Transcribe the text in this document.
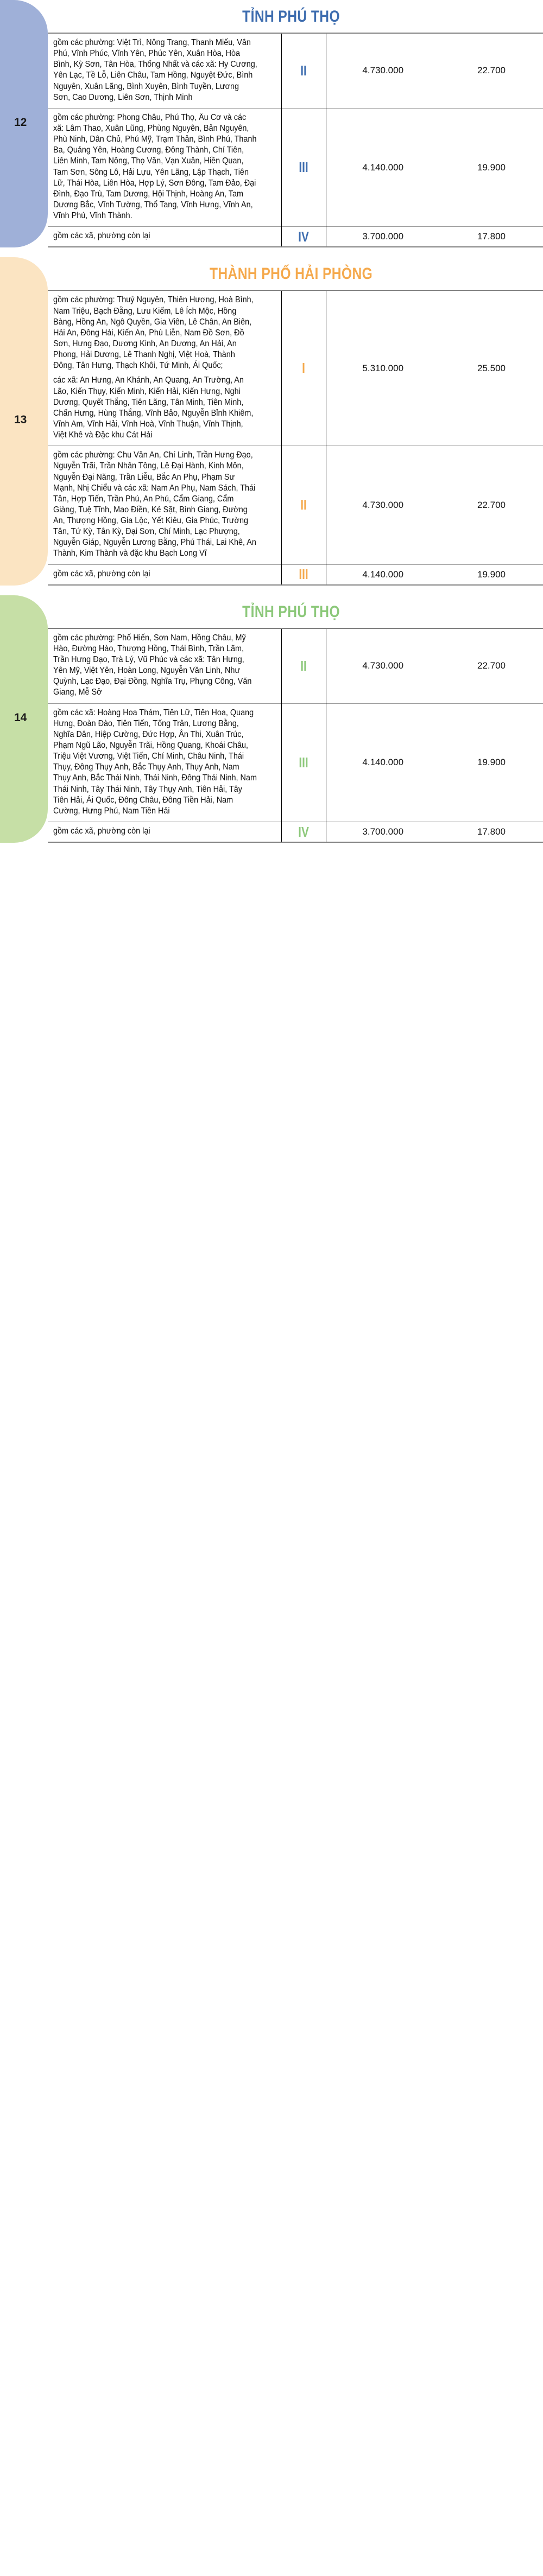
TỈNH PHÚ THỌ
gồm các phường: Việt Trì, Nông Trang, Thanh Miếu, Vân Phú, Vĩnh Phúc, Vĩnh Yên, Phúc Yên, Xuân Hòa, Hòa Bình, Kỳ Sơn, Tân Hòa, Thống Nhất và các xã: Hy Cương, Yên Lạc, Tề Lỗ, Liên Châu, Tam Hồng, Nguyệt Đức, Bình Nguyên, Xuân Lãng, Bình Xuyên, Bình Tuyền, Lương Sơn, Cao Dương, Liên Sơn, Thịnh Minh	II	4.730.000	22.700

gồm các phường: Phong Châu, Phú Thọ, Âu Cơ và các xã: Lâm Thao, Xuân Lũng, Phùng Nguyên, Bản Nguyên, Phù Ninh, Dân Chủ, Phú Mỹ, Trạm Thản, Bình Phú, Thanh Ba, Quảng Yên, Hoàng Cương, Đông Thành, Chí Tiên, Liên Minh, Tam Nông, Thọ Văn, Vạn Xuân, Hiền Quan, Tam Sơn, Sông Lô, Hải Lựu, Yên Lãng, Lập Thạch, Tiên Lữ, Thái Hòa, Liên Hòa, Hợp Lý, Sơn Đông, Tam Đảo, Đại Đình, Đạo Trù, Tam Dương, Hội Thịnh, Hoàng An, Tam Dương Bắc, Vĩnh Tường, Thổ Tang, Vĩnh Hưng, Vĩnh An, Vĩnh Phú, Vĩnh Thành.	III	4.140.000	19.900

gồm các xã, phường còn lại	IV	3.700.000	17.800
12
THÀNH PHỐ HẢI PHÒNG
gồm các phường: Thuỷ Nguyên, Thiên Hương, Hoà Bình, Nam Triệu, Bạch Đằng, Lưu Kiếm, Lê Ích Mộc, Hồng Bàng, Hồng An, Ngô Quyền, Gia Viên, Lê Chân, An Biên, Hải An, Đông Hải, Kiến An, Phù Liễn, Nam Đồ Sơn, Đồ Sơn, Hưng Đạo, Dương Kinh, An Dương, An Hải, An Phong, Hải Dương, Lê Thanh Nghị, Việt Hoà, Thành Đông, Tân Hưng, Thạch Khôi, Tứ Minh, Ái Quốc;
các xã: An Hưng, An Khánh, An Quang, An Trường, An Lão, Kiến Thụy, Kiến Minh, Kiến Hải, Kiến Hưng, Nghi Dương, Quyết Thắng, Tiên Lãng, Tân Minh, Tiên Minh, Chấn Hưng, Hùng Thắng, Vĩnh Bảo, Nguyễn Bỉnh Khiêm, Vĩnh Am, Vĩnh Hải, Vĩnh Hoà, Vĩnh Thuận, Vĩnh Thịnh, Việt Khê và Đặc khu Cát Hải	I	5.310.000	25.500

gồm các phường: Chu Văn An, Chí Linh, Trần Hưng Đạo, Nguyễn Trãi, Trần Nhân Tông, Lê Đại Hành, Kinh Môn, Nguyễn Đại Năng, Trần Liễu, Bắc An Phụ, Phạm Sư Mạnh, Nhị Chiểu và các xã: Nam An Phụ, Nam Sách, Thái Tân, Hợp Tiến, Trần Phú, An Phú, Cẩm Giang, Cẩm Giàng, Tuệ Tĩnh, Mao Điền, Kẻ Sặt, Bình Giang, Đường An, Thượng Hồng, Gia Lộc, Yết Kiêu, Gia Phúc, Trường Tân, Tứ Kỳ, Tân Kỳ, Đại Sơn, Chí Minh, Lạc Phượng, Nguyễn Giáp, Nguyễn Lương Bằng, Phú Thái, Lai Khê, An Thành, Kim Thành và đặc khu Bạch Long Vĩ	II	4.730.000	22.700

gồm các xã, phường còn lại	III	4.140.000	19.900
13
TỈNH PHÚ THỌ
gồm các phường: Phố Hiến, Sơn Nam, Hồng Châu, Mỹ Hào, Đường Hào, Thượng Hồng, Thái Bình, Trần Lãm, Trần Hưng Đạo, Trà Lý, Vũ Phúc và các xã: Tân Hưng, Yên Mỹ, Việt Yên, Hoàn Long, Nguyễn Văn Linh, Như Quỳnh, Lạc Đạo, Đại Đồng, Nghĩa Trụ, Phụng Công, Văn Giang, Mễ Sở	II	4.730.000	22.700

gồm các xã: Hoàng Hoa Thám, Tiên Lữ, Tiên Hoa, Quang Hưng, Đoàn Đào, Tiên Tiến, Tống Trân, Lương Bằng, Nghĩa Dân, Hiệp Cường, Đức Hợp, Ân Thi, Xuân Trúc, Phạm Ngũ Lão, Nguyễn Trãi, Hồng Quang, Khoái Châu, Triệu Việt Vương, Việt Tiến, Chí Minh, Châu Ninh, Thái Thụy, Đông Thụy Anh, Bắc Thụy Anh, Thụy Anh, Nam Thụy Anh, Bắc Thái Ninh, Thái Ninh, Đông Thái Ninh, Nam Thái Ninh, Tây Thái Ninh, Tây Thụy Anh, Tiên Hải, Tây Tiên Hải, Ái Quốc, Đông Châu, Đông Tiền Hải, Nam Cường, Hưng Phú, Nam Tiền Hải	III	4.140.000	19.900

gồm các xã, phường còn lại	IV	3.700.000	17.800
14
